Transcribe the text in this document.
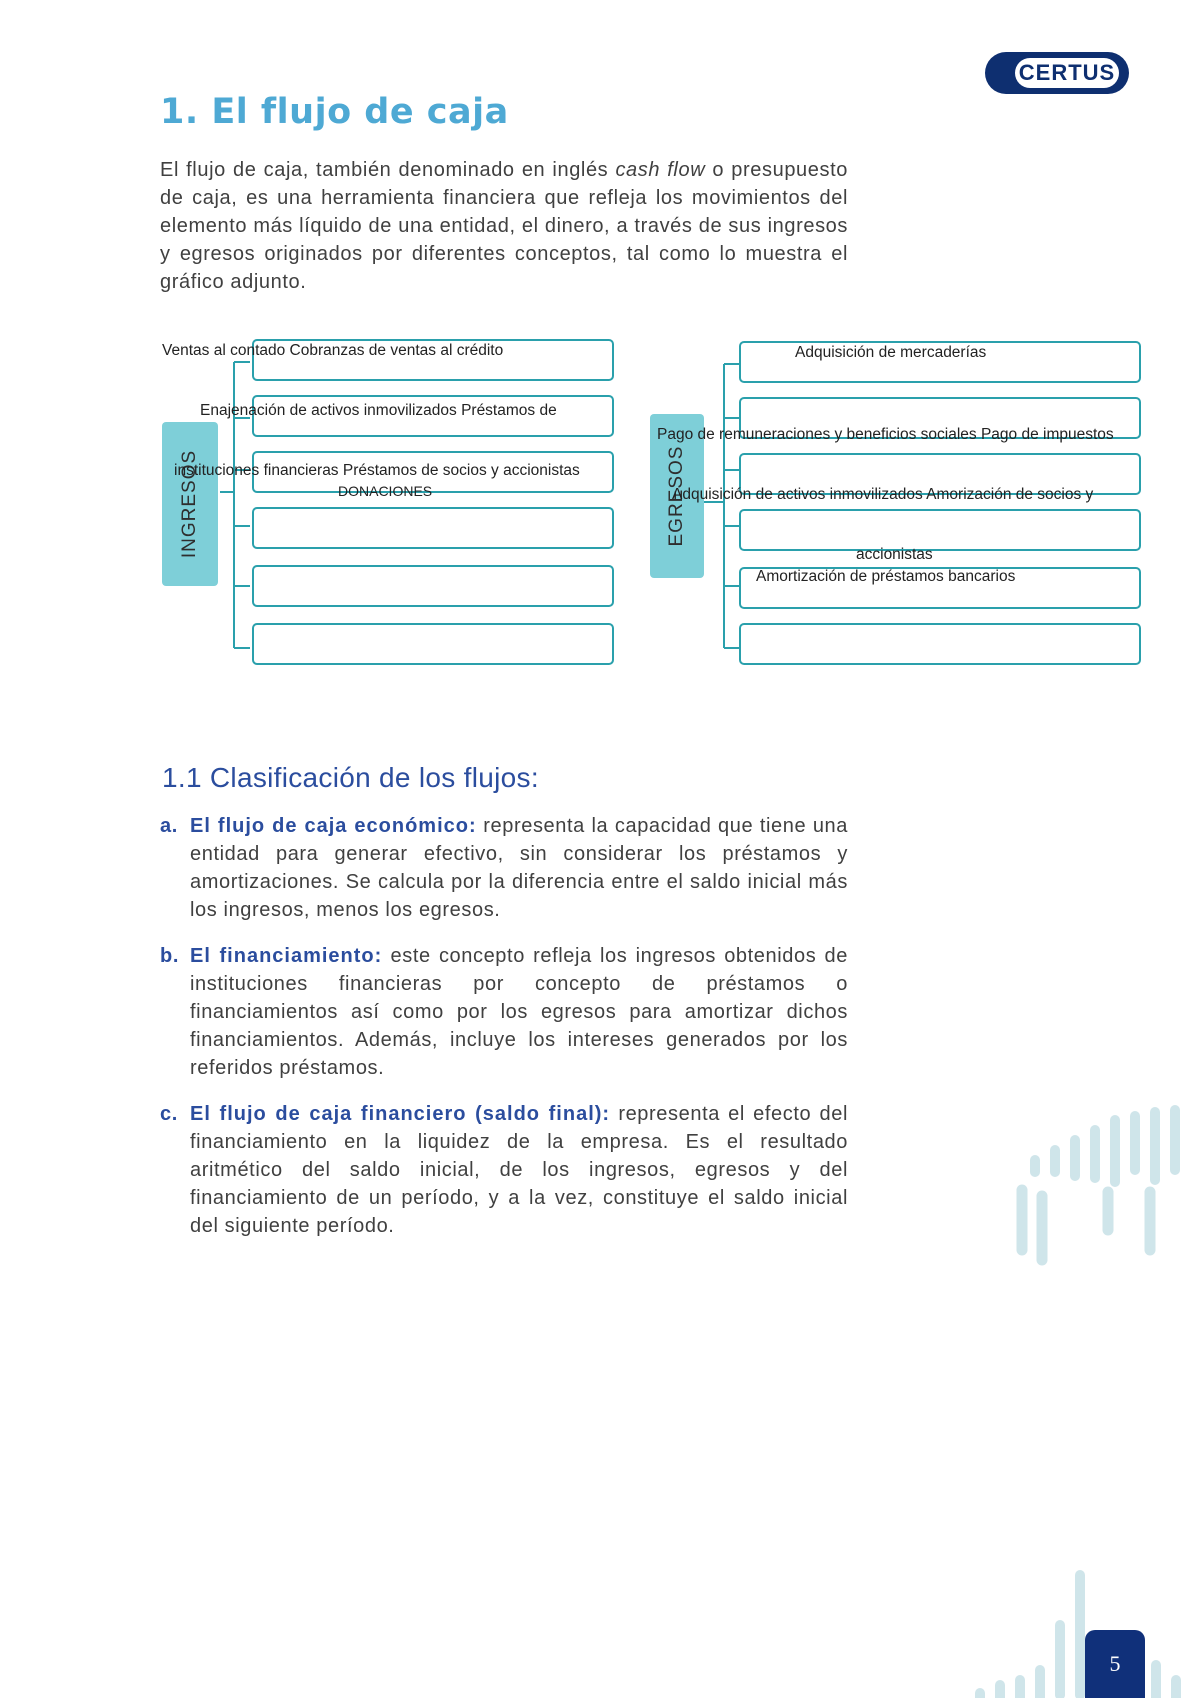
CERTUS
1. El flujo de caja
El flujo de caja, también denominado en inglés cash flow o presupuesto de caja, es una herramienta financiera que refleja los movimientos del elemento más líquido de una entidad, el dinero, a través de sus ingresos y egresos originados por diferentes conceptos, tal como lo muestra el gráfico adjunto.
INGRESOS	EGRESOS
Ventas al contado Cobranzas de ventas al crédito
Enajenación de activos inmovilizados Préstamos de
instituciones financieras Préstamos de socios y accionistas
DONACIONES
Adquisición de mercaderías
Pago de remuneraciones y beneficios sociales Pago de impuestos
Adquisición de activos inmovilizados Amorización de socios y
accionistas
Amortización de préstamos bancarios
1.1 Clasificación de los flujos:
a. El flujo de caja económico: representa la capacidad que tiene una entidad para generar efectivo, sin considerar los préstamos y amortizaciones. Se calcula por la diferencia entre el saldo inicial más los ingresos, menos los egresos.
b. El financiamiento: este concepto refleja los ingresos obtenidos de instituciones financieras por concepto de préstamos o financiamientos así como por los egresos para amortizar dichos financiamientos. Además, incluye los intereses generados por los referidos préstamos.
c. El flujo de caja financiero (saldo final): representa el efecto del financiamiento en la liquidez de la empresa. Es el resultado aritmético del saldo inicial, de los ingresos, egresos y del financiamiento de un período, y a la vez, constituye el saldo inicial del siguiente período.
5
